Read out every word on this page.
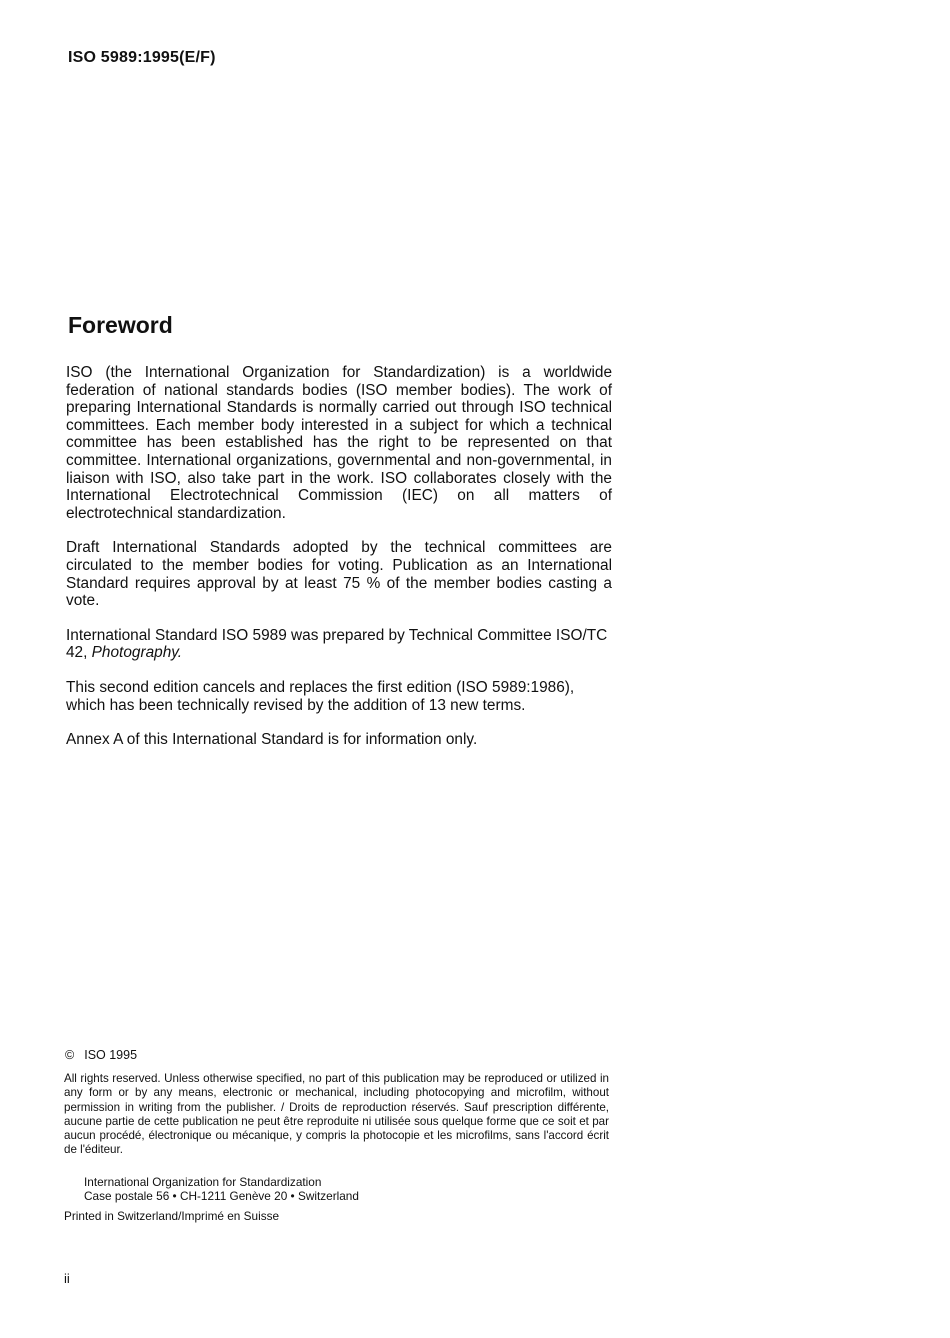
ISO 5989:1995(E/F)
Foreword

ISO (the International Organization for Standardization) is a worldwide federation of national standards bodies (ISO member bodies). The work of preparing International Standards is normally carried out through ISO technical committees. Each member body interested in a subject for which a technical committee has been established has the right to be represented on that committee. International organizations, governmental and non-governmental, in liaison with ISO, also take part in the work. ISO collaborates closely with the International Electrotechnical Commission (IEC) on all matters of electrotechnical standardization.

Draft International Standards adopted by the technical committees are circulated to the member bodies for voting. Publication as an International Standard requires approval by at least 75 % of the member bodies casting a vote.

International Standard ISO 5989 was prepared by Technical Committee ISO/TC 42, Photography.

This second edition cancels and replaces the first edition (ISO 5989:1986), which has been technically revised by the addition of 13 new terms.

Annex A of this International Standard is for information only.

© ISO 1995

All rights reserved. Unless otherwise specified, no part of this publication may be reproduced or utilized in any form or by any means, electronic or mechanical, including photocopying and microfilm, without permission in writing from the publisher. / Droits de reproduction réservés. Sauf prescription différente, aucune partie de cette publication ne peut être reproduite ni utilisée sous quelque forme que ce soit et par aucun procédé, électronique ou mécanique, y compris la photocopie et les microfilms, sans l'accord écrit de l'éditeur.

International Organization for Standardization
Case postale 56 • CH-1211 Genève 20 • Switzerland
Printed in Switzerland/Imprimé en Suisse
ii
